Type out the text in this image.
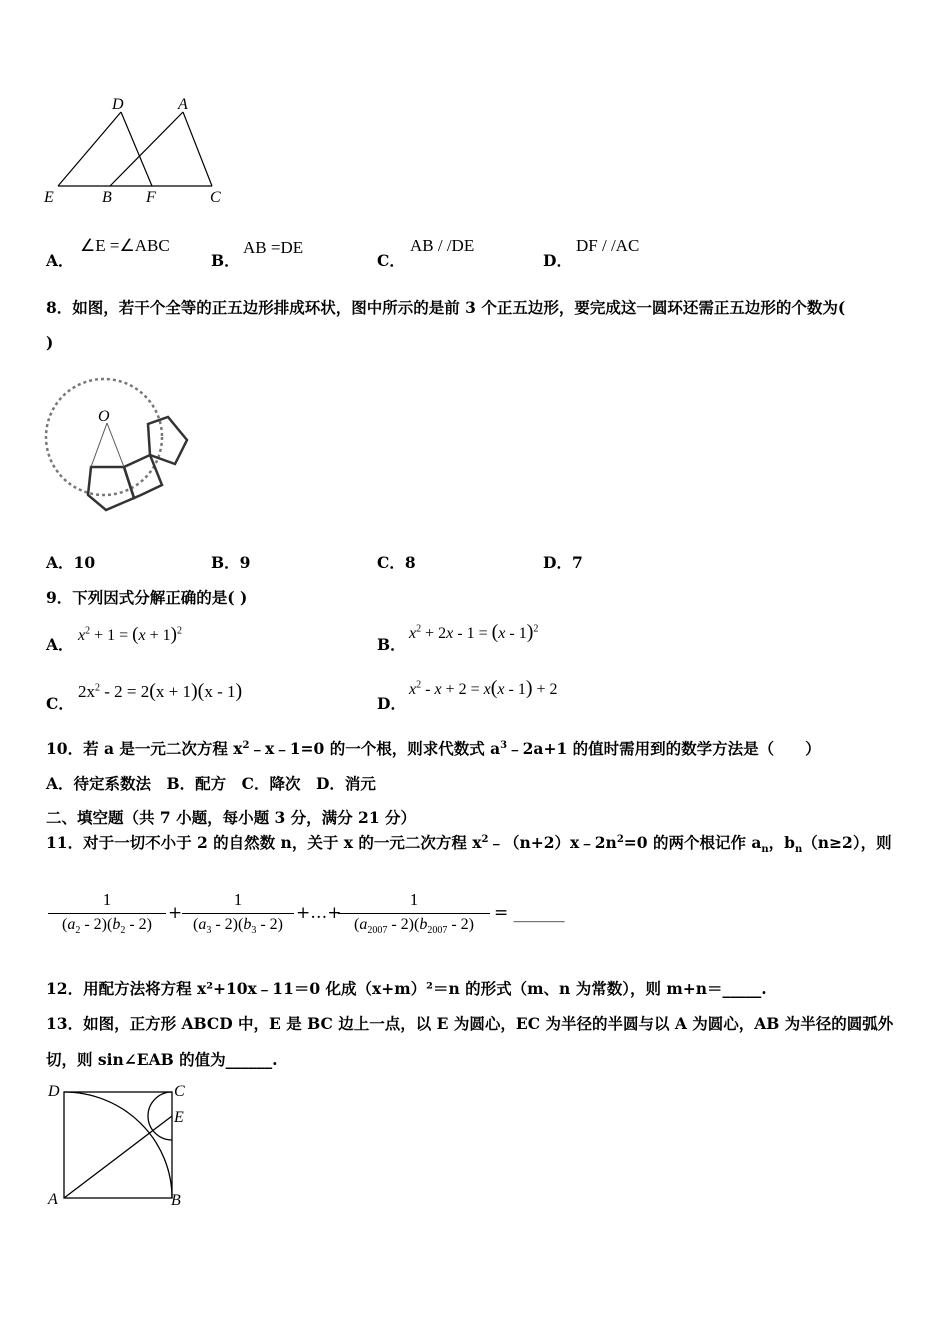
D	A
E	B F	C
A．
∠E =∠ABC
B．
AB =DE
C．
AB / /DE
D．
DF / /AC
8．如图，若干个全等的正五边形排成环状，图中所示的是前 3 个正五边形，要完成这一圆环还需正五边形的个数为(
)
O
A．10	B．9	C．8	D．7
9．下列因式分解正确的是( )
A． $x^2 + 1 = (x + 1)^2$
B．
$x^2 + 2x - 1 = (x - 1)^2$
C．
$2x^2 - 2 = 2(x + 1)(x - 1)$
D．
$x^2 - x + 2 = x(x - 1) + 2$
10．若 a 是一元二次方程 $x^2﹣x﹣1=0$ 的一个根，则求代数式 $a^3﹣2a+1$ 的值时需用到的数学方法是（　　）
A．待定系数法　B．配方　C．降次　D．消元
二、填空题（共 7 小题，每小题 3 分，满分 21 分）
11．对于一切不小于 2 的自然数 n，关于 x 的一元二次方程 $x^2﹣(n+2)x﹣2n^2=0$ 的两个根记作 $a_n$，$b_n(n\ge 2)$，则
$\frac{1}{(a_2 - 2)(b_2 - 2)} + \frac{1}{(a_3 - 2)(b_3 - 2)}$ +…+
$\frac{1}{(a_{2007} - 2)(b_{2007} - 2)}$ = ______
12．用配方法将方程 x²+10x﹣11＝0 化成（x+m）²＝n 的形式（m、n 为常数），则 m+n＝_____.
13．如图，正方形 ABCD 中，E 是 BC 边上一点，以 E 为圆心，EC 为半径的半圆与以 A 为圆心，AB 为半径的圆弧外
切，则 sin∠EAB 的值为______.
D	C
E
A	B
